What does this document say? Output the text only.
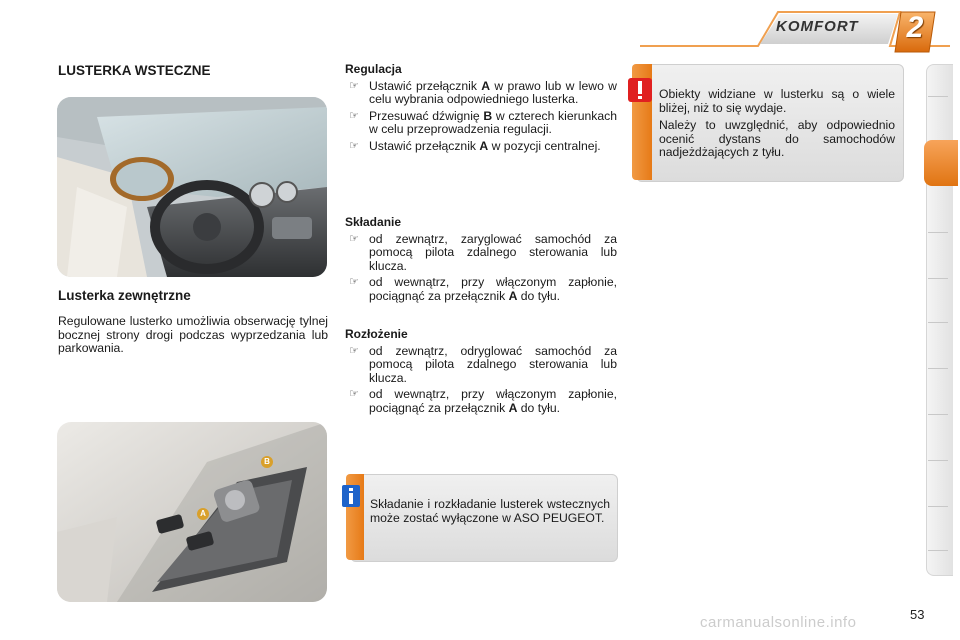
KOMFORT	2
LUSTERKA WSTECZNE
Lusterka zewnętrzne
Regulowane lusterko umożliwia obserwację tylnej bocznej strony drogi podczas wyprzedzania lub parkowania.
B
A
Regulacja
☞ Ustawić przełącznik A w prawo lub w lewo w celu wybrania odpowiedniego lusterka.
☞ Przesuwać dźwignię B w czterech kierunkach w celu przeprowadzenia regulacji.
☞ Ustawić przełącznik A w pozycji centralnej.
Składanie
☞ od zewnątrz, zaryglować samochód za pomocą pilota zdalnego sterowania lub klucza.
☞ od wewnątrz, przy włączonym zapłonie, pociągnąć za przełącznik A do tyłu.
Rozłożenie
☞ od zewnątrz, odryglować samochód za pomocą pilota zdalnego sterowania lub klucza.
☞ od wewnątrz, przy włączonym zapłonie, pociągnąć za przełącznik A do tyłu.
Obiekty widziane w lusterku są o wiele bliżej, niż to się wydaje.
Należy to uwzględnić, aby odpowiednio ocenić dystans do samochodów nadjeżdżających z tyłu.
Składanie i rozkładanie lusterek wstecznych może zostać wyłączone w ASO PEUGEOT.
carmanualsonline.info	53
